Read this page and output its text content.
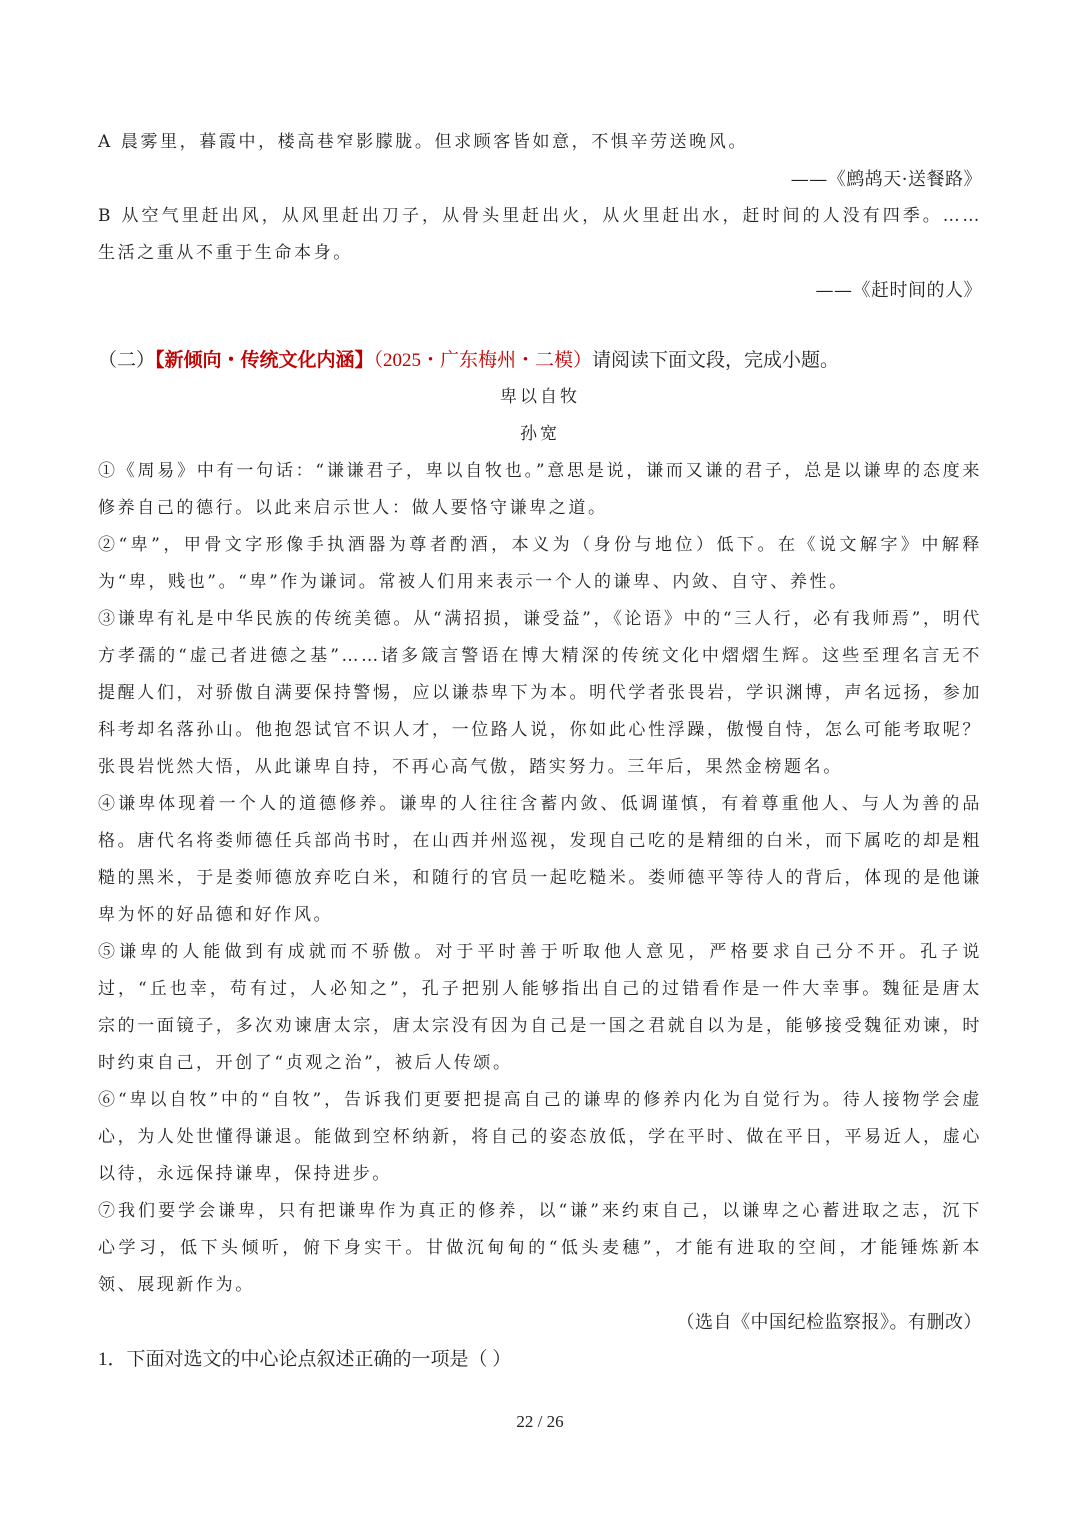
A 晨雾里，暮霞中，楼高巷窄影朦胧。但求顾客皆如意，不惧辛劳送晚风。

——《鹧鸪天·送餐路》

B 从空气里赶出风，从风里赶出刀子，从骨头里赶出火，从火里赶出水，赶时间的人没有四季。……生活之重从不重于生命本身。

——《赶时间的人》

（二）【新倾向・传统文化内涵】（2025・广东梅州・二模）请阅读下面文段，完成小题。
卑以自牧
孙宽

①《周易》中有一句话：“谦谦君子，卑以自牧也。”意思是说，谦而又谦的君子，总是以谦卑的态度来修养自己的德行。以此来启示世人：做人要恪守谦卑之道。

②“卑”，甲骨文字形像手执酒器为尊者酌酒，本义为（身份与地位）低下。在《说文解字》中解释为“卑，贱也”。“卑”作为谦词。常被人们用来表示一个人的谦卑、内敛、自守、养性。

③谦卑有礼是中华民族的传统美德。从“满招损，谦受益”，《论语》中的“三人行，必有我师焉”，明代方孝孺的“虚己者进德之基”……诸多箴言警语在博大精深的传统文化中熠熠生辉。这些至理名言无不提醒人们，对骄傲自满要保持警惕，应以谦恭卑下为本。明代学者张畏岩，学识渊博，声名远扬，参加科考却名落孙山。他抱怨试官不识人才，一位路人说，你如此心性浮躁，傲慢自恃，怎么可能考取呢？张畏岩恍然大悟，从此谦卑自持，不再心高气傲，踏实努力。三年后，果然金榜题名。

④谦卑体现着一个人的道德修养。谦卑的人往往含蓄内敛、低调谨慎，有着尊重他人、与人为善的品格。唐代名将娄师德任兵部尚书时，在山西并州巡视，发现自己吃的是精细的白米，而下属吃的却是粗糙的黑米，于是娄师德放弃吃白米，和随行的官员一起吃糙米。娄师德平等待人的背后，体现的是他谦卑为怀的好品德和好作风。

⑤谦卑的人能做到有成就而不骄傲。对于平时善于听取他人意见，严格要求自己分不开。孔子说过，“丘也幸，苟有过，人必知之”，孔子把别人能够指出自己的过错看作是一件大幸事。魏征是唐太宗的一面镜子，多次劝谏唐太宗，唐太宗没有因为自己是一国之君就自以为是，能够接受魏征劝谏，时时约束自己，开创了“贞观之治”，被后人传颂。

⑥“卑以自牧”中的“自牧”，告诉我们更要把提高自己的谦卑的修养内化为自觉行为。待人接物学会虚心，为人处世懂得谦退。能做到空杯纳新，将自己的姿态放低，学在平时、做在平日，平易近人，虚心以待，永远保持谦卑，保持进步。

⑦我们要学会谦卑，只有把谦卑作为真正的修养，以“谦”来约束自己，以谦卑之心蓄进取之志，沉下心学习，低下头倾听，俯下身实干。甘做沉甸甸的“低头麦穗”，才能有进取的空间，才能锤炼新本领、展现新作为。

（选自《中国纪检监察报》。有删改）

1．下面对选文的中心论点叙述正确的一项是（ ）
22 / 26
